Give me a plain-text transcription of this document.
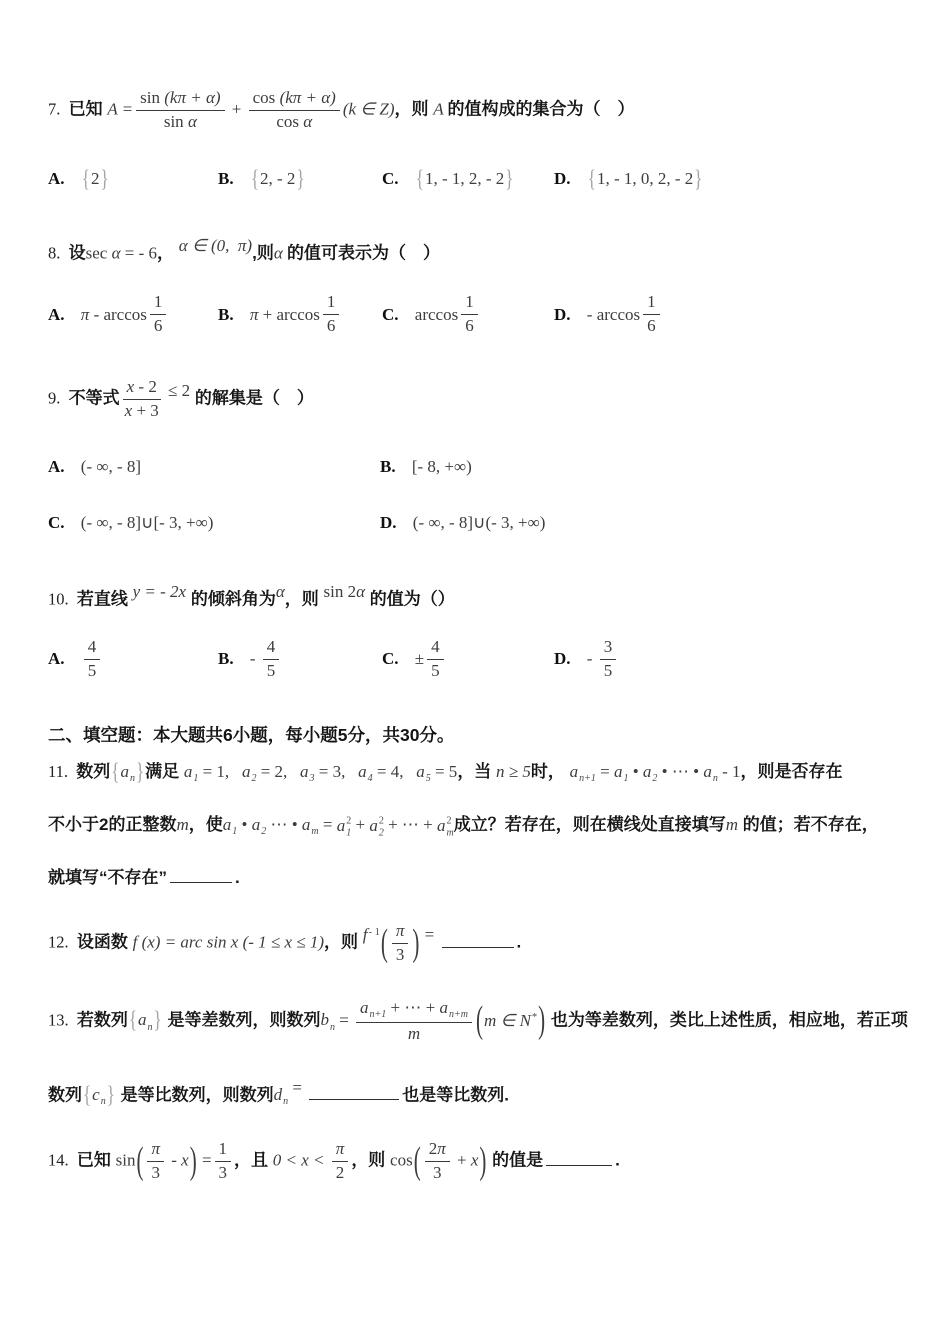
7. 已知 $A = \frac{\sin (k\pi + \alpha)}{\text{sin α}} + \frac{\cos (k\pi + \alpha)}{\text{cos α}} (k$ ∈ Z)，则 A 的值构成的集合为（　）
A. { 2 }	B. { 2, - 2 }	C. { 1, - 1, 2, - 2 } D. { 1, - 1, 0, 2, - 2 }
8. 设sec α = - 6， α ∈ (0,  π),则α 的值可表示为（　）
A. π - $\arccos \frac{1}{6}$	B. $\pi + \arccos \frac{1}{6}$	C. $\arccos \frac{1}{6}$	D. - $\arccos \frac{1}{6}$
9. 不等式 $\frac{x - 2}{x + 3} \le 2$ 的解集是（　）
A. (- ∞, - 8]	B. [- 8, +∞)
C. (- ∞, - 8]∪[- 3, +∞)	D. (- ∞, - 8]∪(- 3, +∞)
10. 若直线 y = - 2x 的倾斜角为α，则 sin 2α 的值为（）
A. $\frac{4}{5}$	B. - $\frac{4}{5}$	C. ± $\frac{4}{5}$	D. - $\frac{3}{5}$
二、填空题：本大题共6小题，每小题5分，共30分。
11. 数列$\{a_n\}$满足 $a_1 = 1$,   $a_2 = 2$,   $a_3 = 3$,   $a_4 = 4$,   $a_5 = 5$，当 n ≥ 5时， $a_{n+1} = a_1$ • $a_2$ • ⋯ • $a_n - 1$，则是否存在
不小于2的正整数m，使$a_1$ • $a_2$ ⋯ • $a_m = a$ 2
1 + a 2
2 + ⋯ + a 2
m 成立？若存在，则在横线处直接填写m 的值；若不存在，
就填写“不存在”	.
12. 设函数 f (x) = arc sin x (- 1 ≤ x ≤ 1)，则 $f^{- 1}$ ( $\frac{\pi}{3}$ ) =	.
13. 若数列$\{a_n\}$ 是等差数列，则数列$b_n = \frac{a_{n+1} + \cdots + a_{n+m}}{m}$ ( m ∈ N* ) 也为等差数列，类比上述性质，相应地，若正项
数列$\{c_n\}$ 是等比数列，则数列$d_n$ =	也是等比数列.
14. 已知 sin ( $\frac{\pi}{3}$ - x ) = $\frac{1}{3}$ ，且 $0 < x < \frac{\pi}{2}$ ，则 cos ( $\frac{2\pi}{3} + x$ ) 的值是	.
